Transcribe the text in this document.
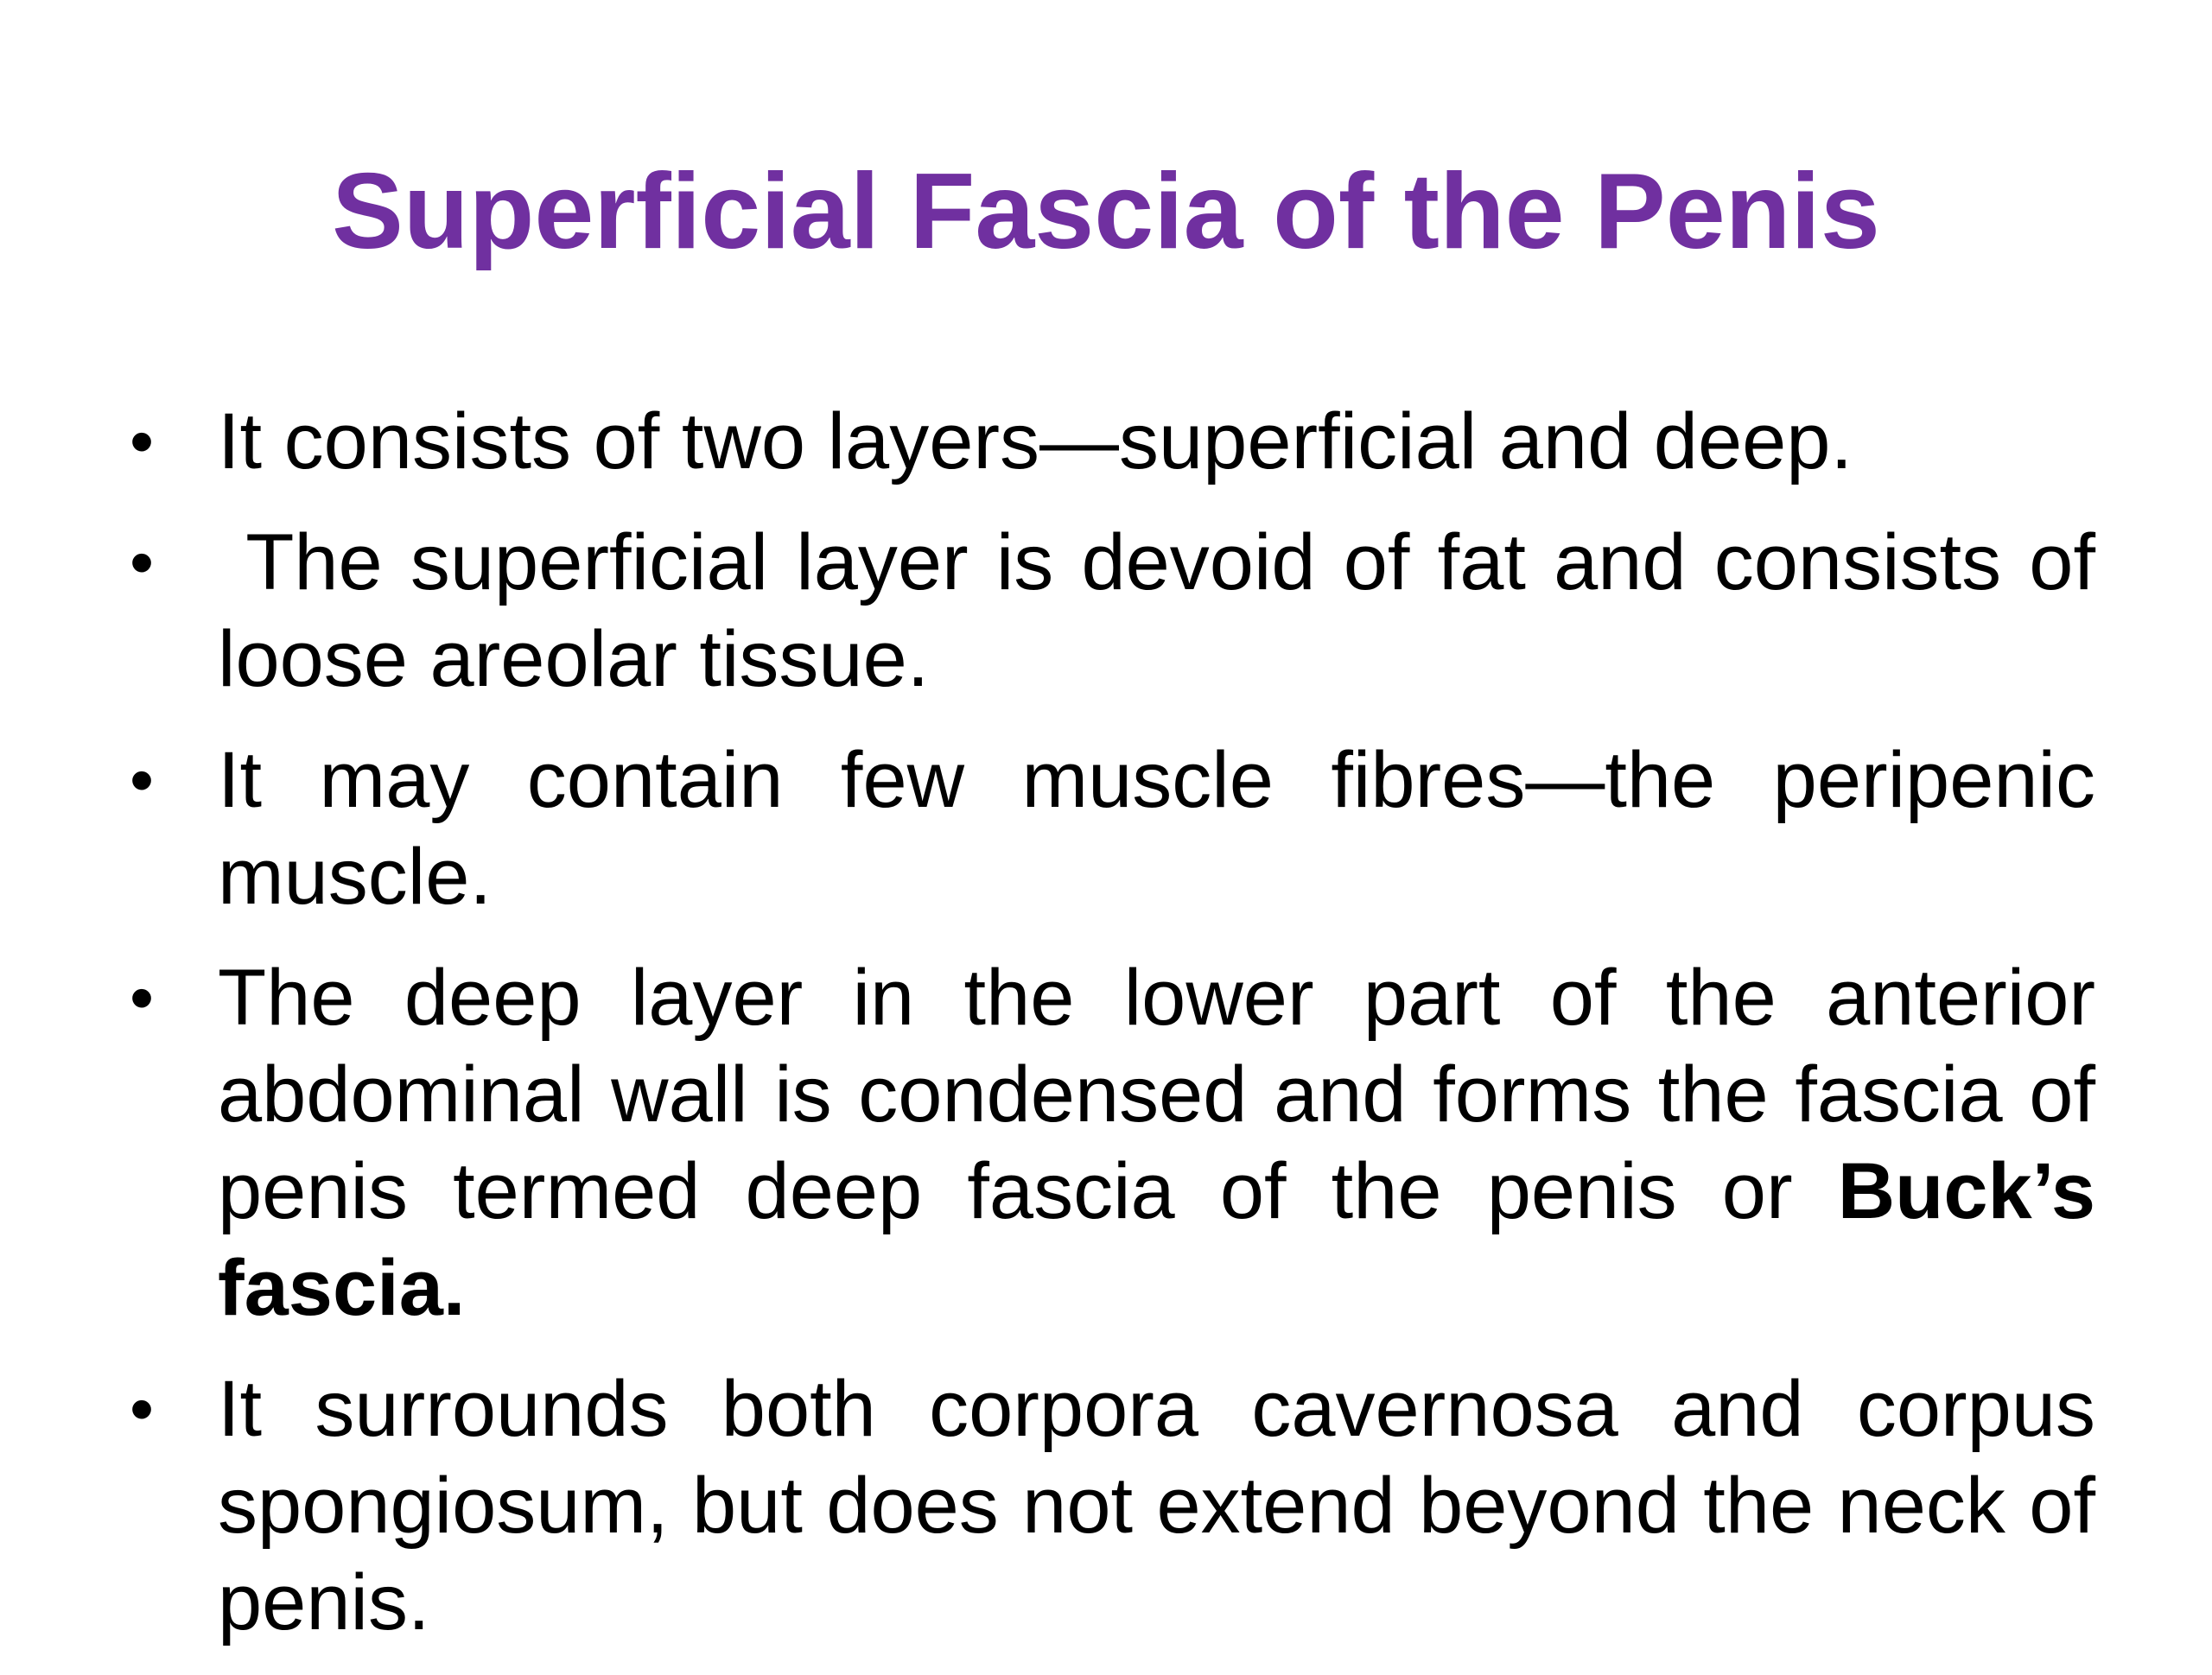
Superficial Fascia of the Penis
• It consists of two layers—superficial and deep.
• The superficial layer is devoid of fat and consists of loose areolar tissue.
• It may contain few muscle fibres—the peripenic muscle.
• The deep layer in the lower part of the anterior abdominal wall is condensed and forms the fascia of penis termed deep fascia of the penis or Buck’s fascia.
• It surrounds both corpora cavernosa and corpus spongiosum, but does not extend beyond the neck of penis.
